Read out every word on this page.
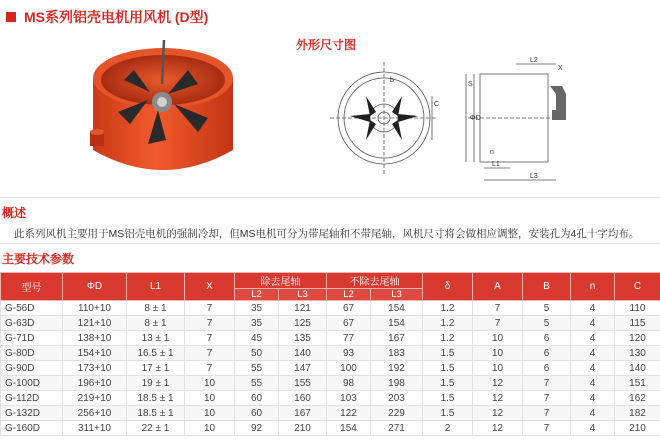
MS系列铝壳电机用风机 (D型)
外形尺寸图
b
C
L2
X
S
ΦD
n
L1
L3
概述
此系列风机主要用于MS铝壳电机的强制冷却，但MS电机可分为带尾轴和不带尾轴，风机尺寸将会做相应调整，安装孔为4孔十字均布。
主要技术参数
型号	ΦD	L1	X	除去尾轴		不除去尾轴		δ	A	B	n	C
				L2	L3	L2	L3					
G-56D	110+10	8 ± 1	7	35	121	67	154	1.2	7	5	4	110
G-63D	121+10	8 ± 1	7	35	125	67	154	1.2	7	5	4	115
G-71D	138+10	13 ± 1	7	45	135	77	167	1.2	10	6	4	120
G-80D	154+10	16.5 ± 1	7	50	140	93	183	1.5	10	6	4	130
G-90D	173+10	17 ± 1	7	55	147	100	192	1.5	10	6	4	140
G-100D	196+10	19 ± 1	10	55	155	98	198	1.5	12	7	4	151
G-112D	219+10	18.5 ± 1	10	60	160	103	203	1.5	12	7	4	162
G-132D	256+10	18.5 ± 1	10	60	167	122	229	1.5	12	7	4	182
G-160D	311+10	22 ± 1	10	92	210	154	271	2	12	7	4	210
